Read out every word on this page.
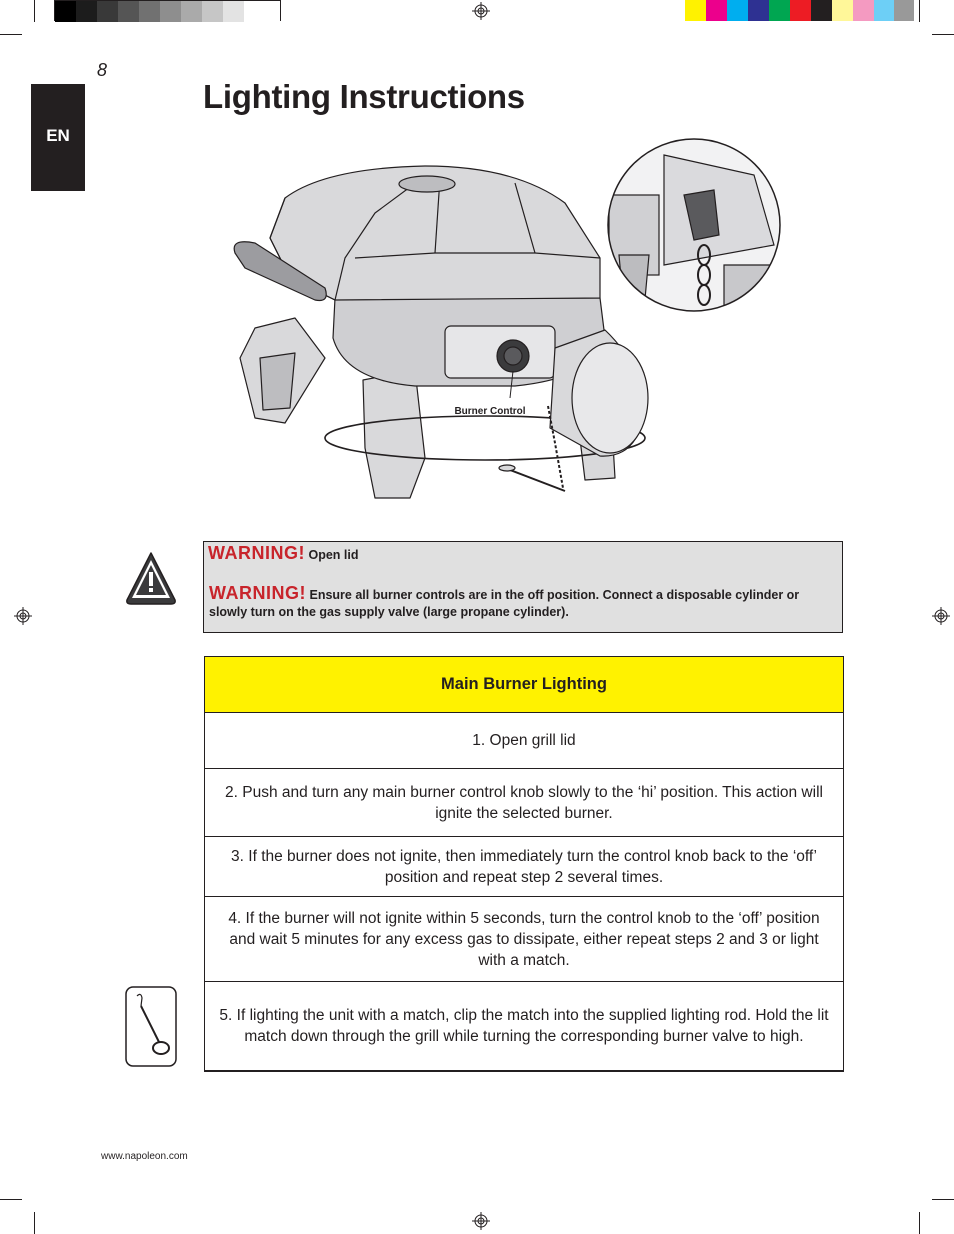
EN
8
Lighting Instructions
Burner Control
WARNING! Open lid
WARNING! Ensure all burner controls are in the off position. Connect a disposable cylinder or slowly turn on the gas supply valve (large propane cylinder).
Main Burner Lighting
1. Open grill lid
2. Push and turn any main burner control knob slowly to the ‘hi’ position. This action will ignite the selected burner.
3. If the burner does not ignite, then immediately turn the control knob back to the ‘off’ position and repeat step 2 several times.
4. If the burner will not ignite within 5 seconds, turn the control knob to the ‘off’ position and wait 5 minutes for any excess gas to dissipate, either repeat steps 2 and 3 or light with a match.
5. If lighting the unit with a match, clip the match into the supplied lighting rod. Hold the lit match down through the grill while turning the corresponding burner valve to high.
www.napoleon.com
